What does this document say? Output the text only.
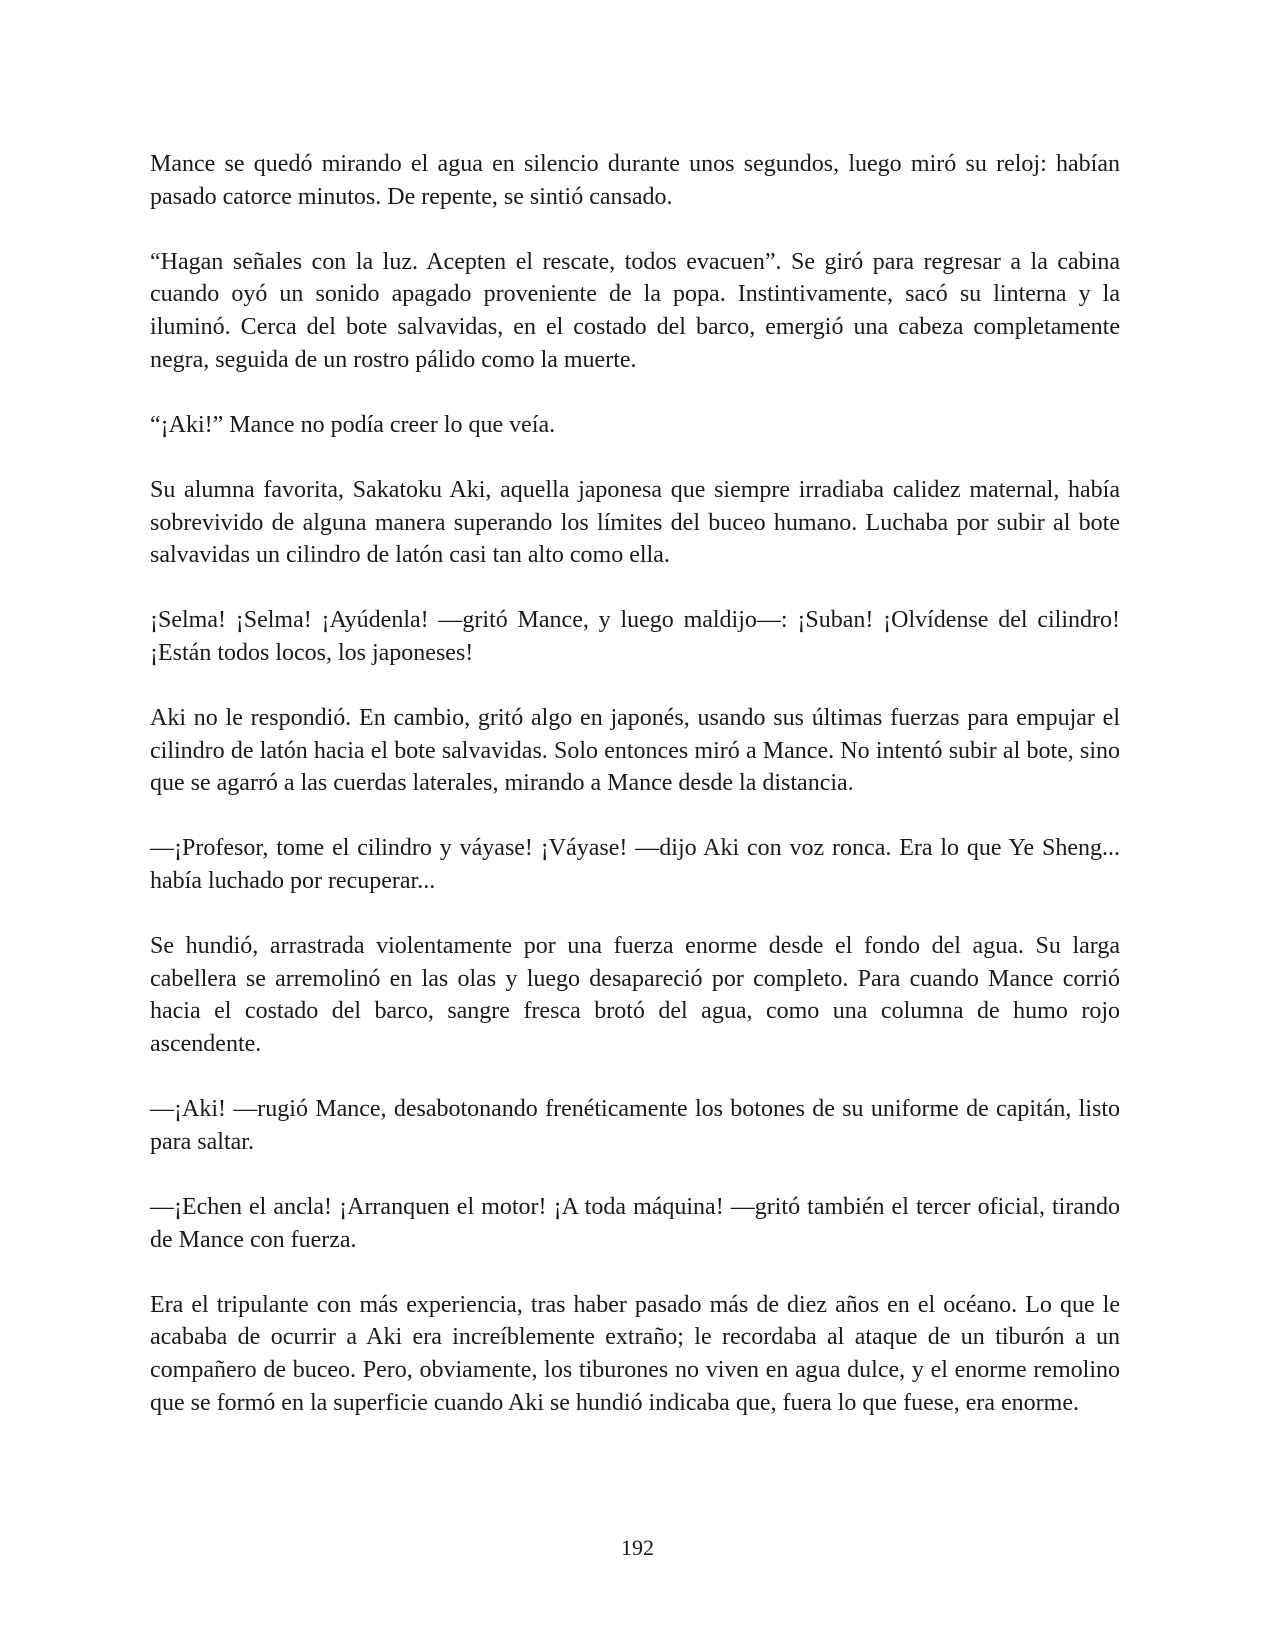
Mance se quedó mirando el agua en silencio durante unos segundos, luego miró su reloj: habían pasado catorce minutos. De repente, se sintió cansado.

“Hagan señales con la luz. Acepten el rescate, todos evacuen”. Se giró para regresar a la cabina cuando oyó un sonido apagado proveniente de la popa. Instintivamente, sacó su linterna y la iluminó. Cerca del bote salvavidas, en el costado del barco, emergió una cabeza completamente negra, seguida de un rostro pálido como la muerte.

“¡Aki!” Mance no podía creer lo que veía.

Su alumna favorita, Sakatoku Aki, aquella japonesa que siempre irradiaba calidez maternal, había sobrevivido de alguna manera superando los límites del buceo humano. Luchaba por subir al bote salvavidas un cilindro de latón casi tan alto como ella.

¡Selma! ¡Selma! ¡Ayúdenla! —gritó Mance, y luego maldijo—: ¡Suban! ¡Olvídense del cilindro! ¡Están todos locos, los japoneses!

Aki no le respondió. En cambio, gritó algo en japonés, usando sus últimas fuerzas para empujar el cilindro de latón hacia el bote salvavidas. Solo entonces miró a Mance. No intentó subir al bote, sino que se agarró a las cuerdas laterales, mirando a Mance desde la distancia.

—¡Profesor, tome el cilindro y váyase! ¡Váyase! —dijo Aki con voz ronca. Era lo que Ye Sheng... había luchado por recuperar...

Se hundió, arrastrada violentamente por una fuerza enorme desde el fondo del agua. Su larga cabellera se arremolinó en las olas y luego desapareció por completo. Para cuando Mance corrió hacia el costado del barco, sangre fresca brotó del agua, como una columna de humo rojo ascendente.

—¡Aki! —rugió Mance, desabotonando frenéticamente los botones de su uniforme de capitán, listo para saltar.

—¡Echen el ancla! ¡Arranquen el motor! ¡A toda máquina! —gritó también el tercer oficial, tirando de Mance con fuerza.

Era el tripulante con más experiencia, tras haber pasado más de diez años en el océano. Lo que le acababa de ocurrir a Aki era increíblemente extraño; le recordaba al ataque de un tiburón a un compañero de buceo. Pero, obviamente, los tiburones no viven en agua dulce, y el enorme remolino que se formó en la superficie cuando Aki se hundió indicaba que, fuera lo que fuese, era enorme.

192
